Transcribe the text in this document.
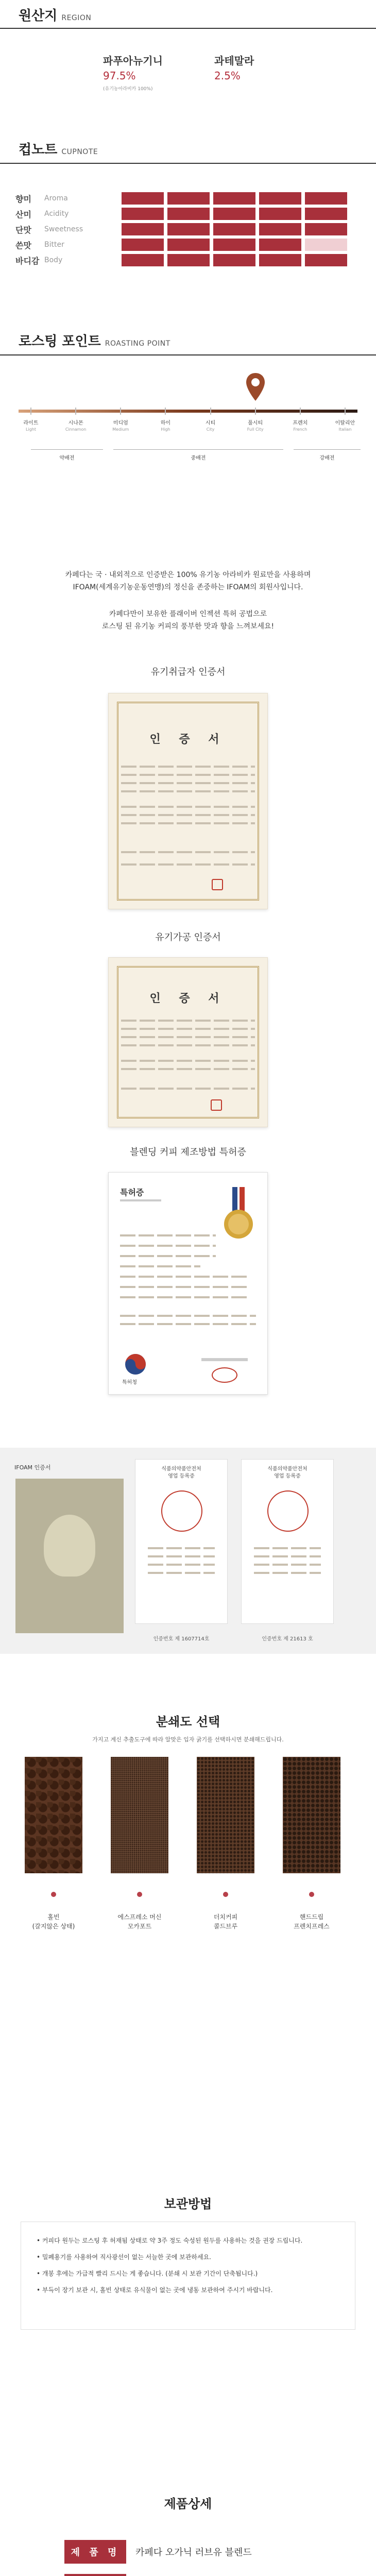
원산지 REGION
파푸아뉴기니
97.5%
(유기농아라비카 100%)
과테말라
2.5%
컵노트 CUPNOTE
향미	Aroma
산미	Acidity
단맛	Sweetness
쓴맛	Bitter
바디감 Body
로스팅 포인트 ROASTING POINT
라이트
Light
시나몬
Cinnamon
미디엄
Medium
하이
High
시티
City
풀시티
Full City
프렌치
French
이탈리안
Italian
약배전	중배전	강배전
카페다는 국 · 내외적으로 인증받은 100% 유기농 아라비카 원료만을 사용하며
IFOAM(세계유기농운동연맹)의 정신을 존중하는 IFOAM의 회원사입니다.
카페다만이 보유한 플래이버 인젝션 특허 공법으로
로스팅 된 유기농 커피의 풍부한 맛과 향을 느껴보세요!
유기취급자 인증서
인 증 서
유기가공 인증서
인 증 서
블렌딩 커피 제조방법 특허증
특허증
특허청
IFOAM 인증서	식품의약품안전처
영업 등록증
인증번호 제 1607714호
식품의약품안전처
영업 등록증
인증번호 제 21613 호
분쇄도 선택
가지고 계신 추출도구에 따라 알맞은 입자 굵기를 선택하시면 분쇄해드립니다.
홀빈
(갈지않은 상태)
에스프레소 머신
모카포트
더치커피
콜드브루
핸드드립
프렌치프레스
보관방법
• 커피다 원두는 로스팅 후 허재됨 상태로 약 3주 정도 숙성된 원두를 사용하는 것을 권장 드립니다.
• 밀폐용기를 사용하여 직사광선이 없는 서늘한 곳에 보관하세요.
• 개봉 후에는 가급적 빨리 드시는 게 좋습니다. (분쇄 시 보관 기간이 단축됩니다.)
• 부득이 장기 보관 시, 홀빈 상태로 유식물이 없는 곳에 냉동 보관하여 주시기 바랍니다.
제품상세
제 품 명	카페다 오가닉 러브유 블렌드
